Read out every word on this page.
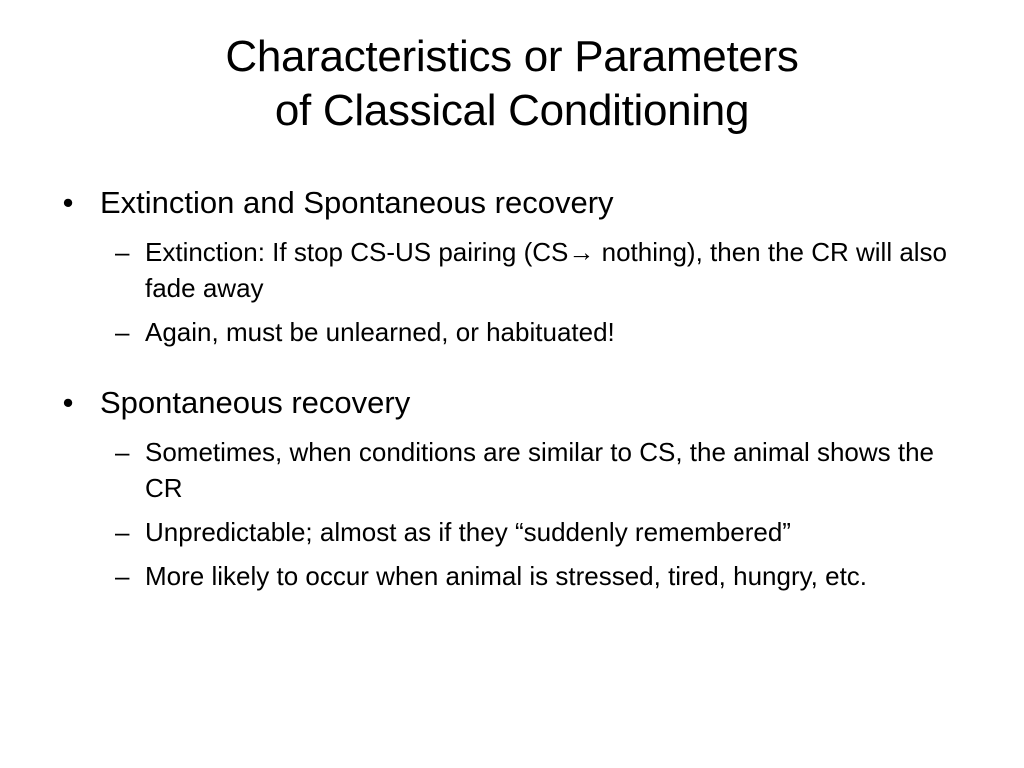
Characteristics or Parameters
of Classical Conditioning
• Extinction and Spontaneous recovery
– Extinction: If stop CS-US pairing (CS→ nothing), then the CR will also fade away
– Again, must be unlearned, or habituated!
• Spontaneous recovery
– Sometimes, when conditions are similar to CS, the animal shows the CR
– Unpredictable; almost as if they “suddenly remembered”
– More likely to occur when animal is stressed, tired, hungry, etc.
